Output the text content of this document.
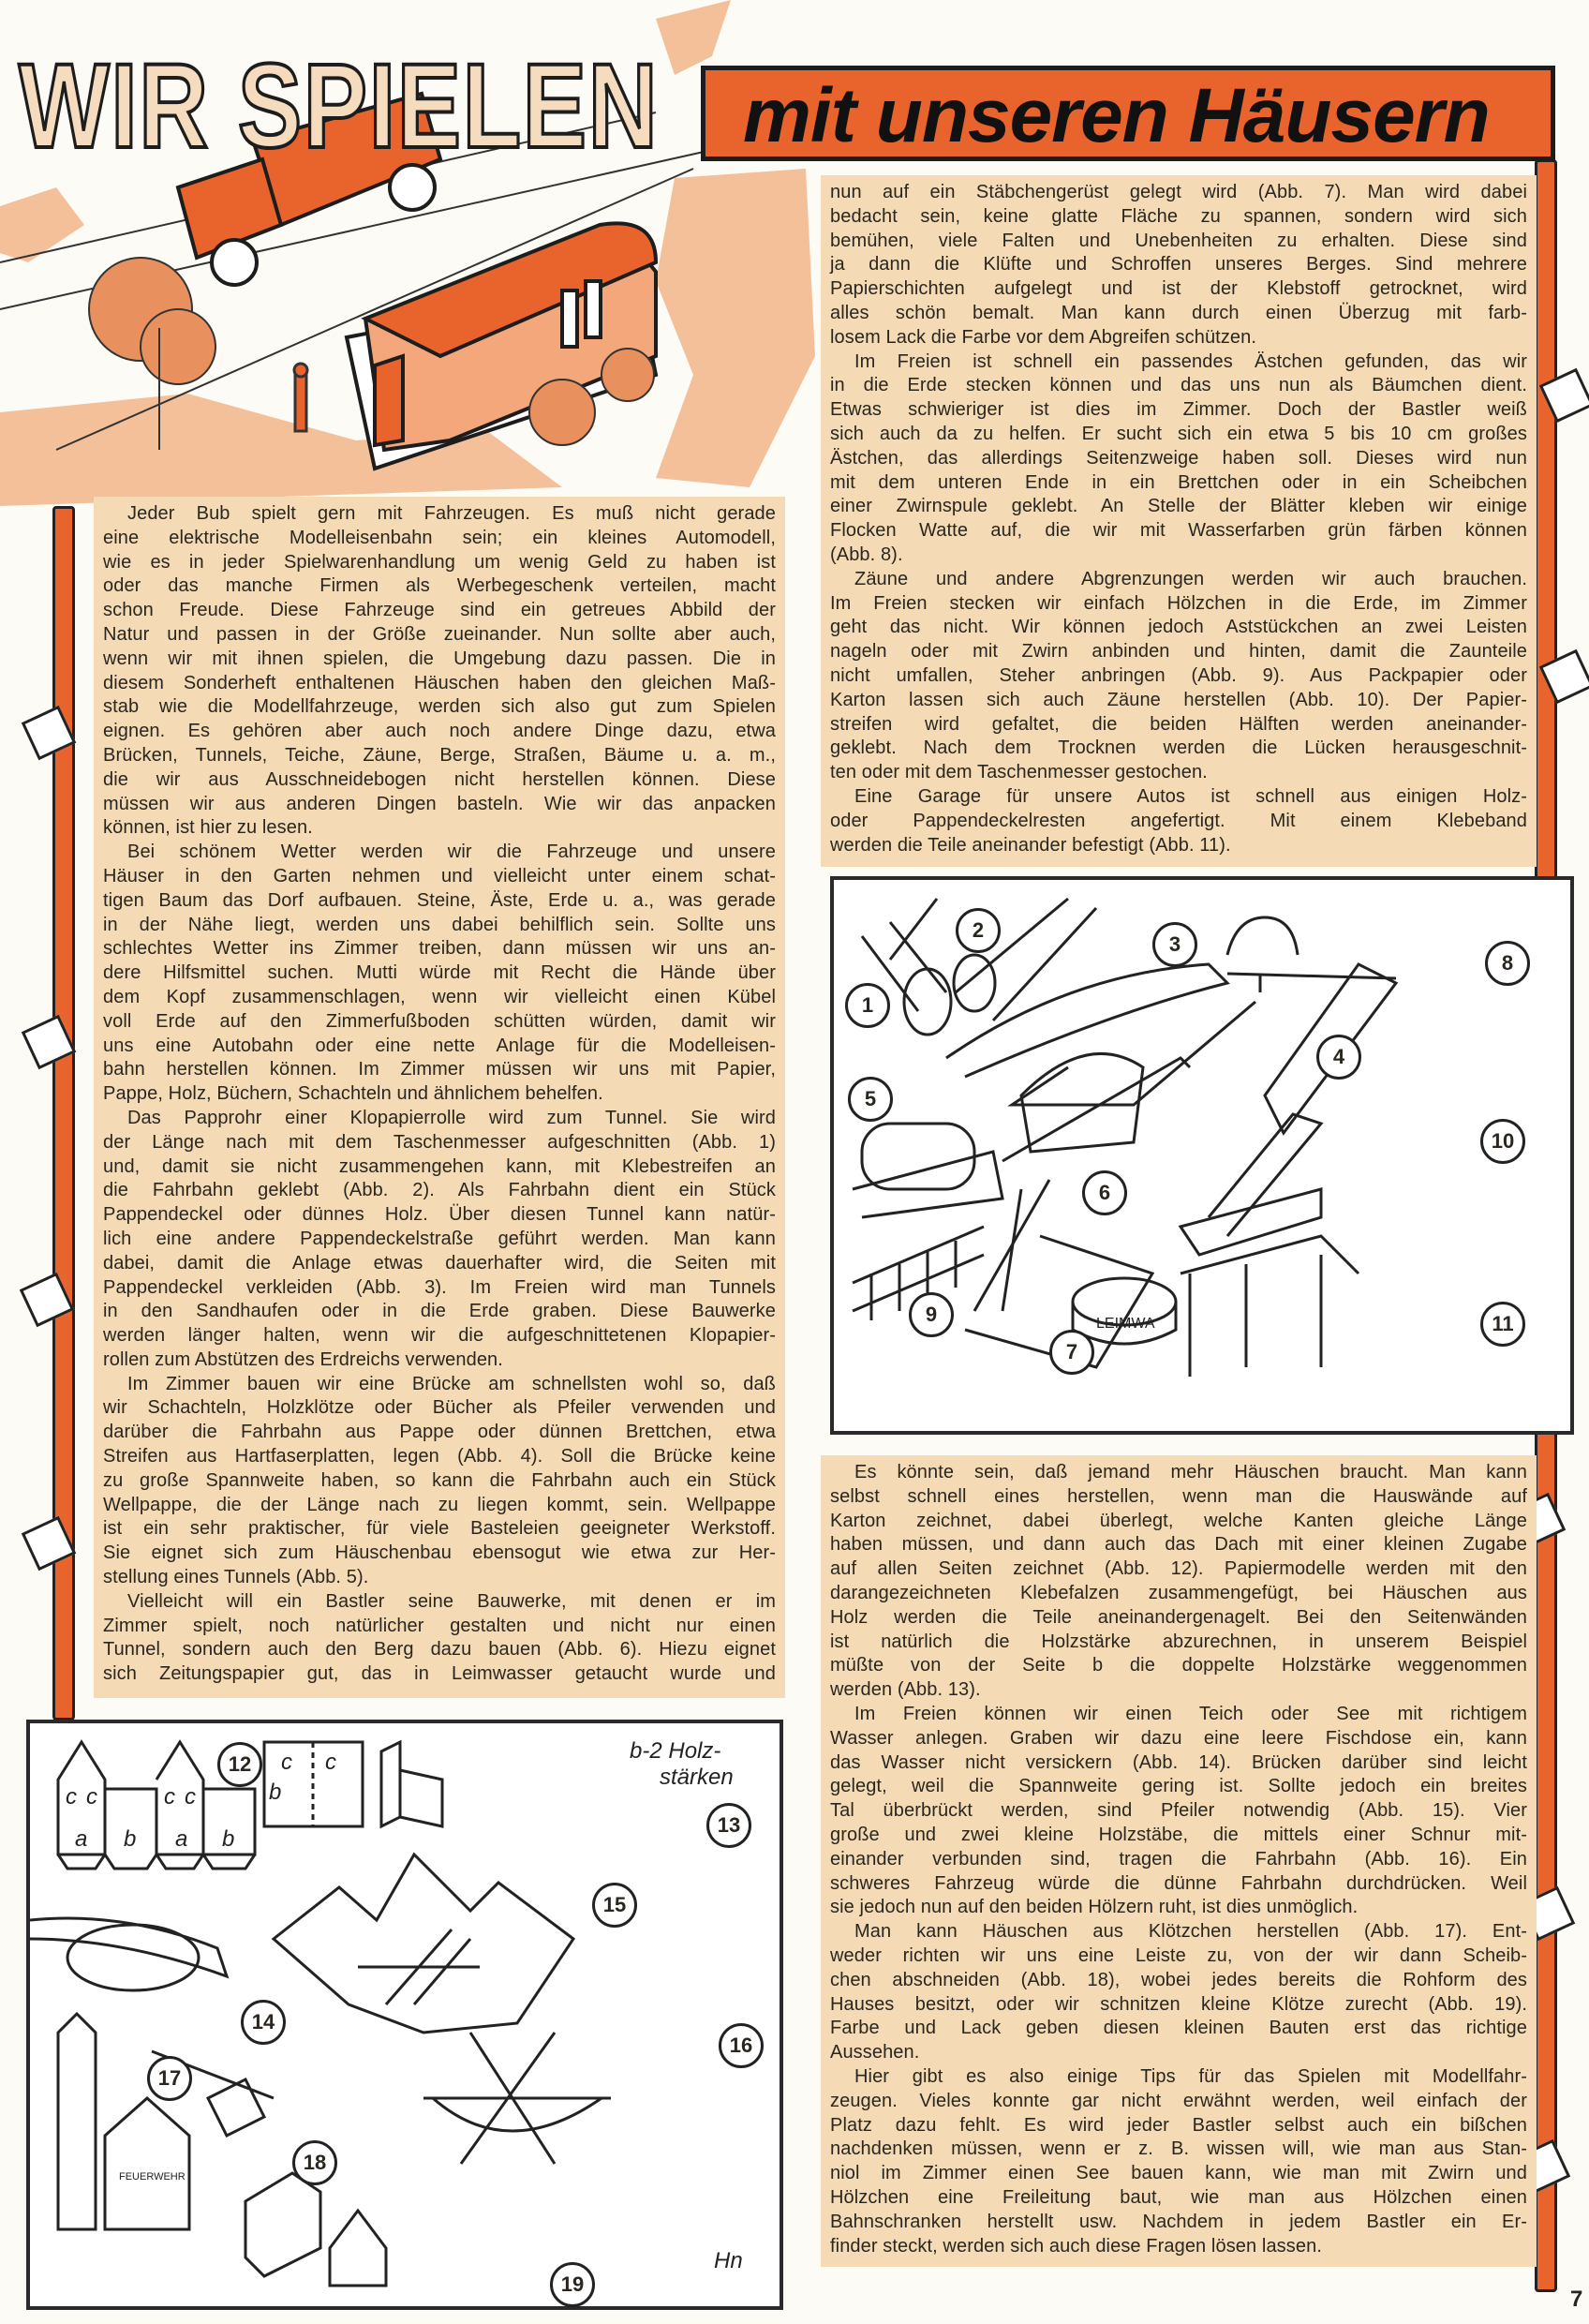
WIR SPIELEN mit unseren Häusern
Jeder Bub spielt gern mit Fahrzeugen. Es muß nicht gerade
eine elektrische Modelleisenbahn sein; ein kleines Automodell,
wie es in jeder Spielwarenhandlung um wenig Geld zu haben ist
oder das manche Firmen als Werbegeschenk verteilen, macht
schon Freude. Diese Fahrzeuge sind ein getreues Abbild der
Natur und passen in der Größe zueinander. Nun sollte aber auch,
wenn wir mit ihnen spielen, die Umgebung dazu passen. Die in
diesem Sonderheft enthaltenen Häuschen haben den gleichen Maß-
stab wie die Modellfahrzeuge, werden sich also gut zum Spielen
eignen. Es gehören aber auch noch andere Dinge dazu, etwa
Brücken, Tunnels, Teiche, Zäune, Berge, Straßen, Bäume u. a. m.,
die wir aus Ausschneidebogen nicht herstellen können. Diese
müssen wir aus anderen Dingen basteln. Wie wir das anpacken
können, ist hier zu lesen.
Bei schönem Wetter werden wir die Fahrzeuge und unsere
Häuser in den Garten nehmen und vielleicht unter einem schat-
tigen Baum das Dorf aufbauen. Steine, Äste, Erde u. a., was gerade
in der Nähe liegt, werden uns dabei behilflich sein. Sollte uns
schlechtes Wetter ins Zimmer treiben, dann müssen wir uns an-
dere Hilfsmittel suchen. Mutti würde mit Recht die Hände über
dem Kopf zusammenschlagen, wenn wir vielleicht einen Kübel
voll Erde auf den Zimmerfußboden schütten würden, damit wir
uns eine Autobahn oder eine nette Anlage für die Modelleisen-
bahn herstellen können. Im Zimmer müssen wir uns mit Papier,
Pappe, Holz, Büchern, Schachteln und ähnlichem behelfen.
Das Papprohr einer Klopapierrolle wird zum Tunnel. Sie wird
der Länge nach mit dem Taschenmesser aufgeschnitten (Abb. 1)
und, damit sie nicht zusammengehen kann, mit Klebestreifen an
die Fahrbahn geklebt (Abb. 2). Als Fahrbahn dient ein Stück
Pappendeckel oder dünnes Holz. Über diesen Tunnel kann natür-
lich eine andere Pappendeckelstraße geführt werden. Man kann
dabei, damit die Anlage etwas dauerhafter wird, die Seiten mit
Pappendeckel verkleiden (Abb. 3). Im Freien wird man Tunnels
in den Sandhaufen oder in die Erde graben. Diese Bauwerke
werden länger halten, wenn wir die aufgeschnittetenen Klopapier-
rollen zum Abstützen des Erdreichs verwenden.
Im Zimmer bauen wir eine Brücke am schnellsten wohl so, daß
wir Schachteln, Holzklötze oder Bücher als Pfeiler verwenden und
darüber die Fahrbahn aus Pappe oder dünnen Brettchen, etwa
Streifen aus Hartfaserplatten, legen (Abb. 4). Soll die Brücke keine
zu große Spannweite haben, so kann die Fahrbahn auch ein Stück
Wellpappe, die der Länge nach zu liegen kommt, sein. Wellpappe
ist ein sehr praktischer, für viele Basteleien geeigneter Werkstoff.
Sie eignet sich zum Häuschenbau ebensogut wie etwa zur Her-
stellung eines Tunnels (Abb. 5).
Vielleicht will ein Bastler seine Bauwerke, mit denen er im
Zimmer spielt, noch natürlicher gestalten und nicht nur einen
Tunnel, sondern auch den Berg dazu bauen (Abb. 6). Hiezu eignet
sich Zeitungspapier gut, das in Leimwasser getaucht wurde und
nun auf ein Stäbchengerüst gelegt wird (Abb. 7). Man wird dabei
bedacht sein, keine glatte Fläche zu spannen, sondern wird sich
bemühen, viele Falten und Unebenheiten zu erhalten. Diese sind
ja dann die Klüfte und Schroffen unseres Berges. Sind mehrere
Papierschichten aufgelegt und ist der Klebstoff getrocknet, wird
alles schön bemalt. Man kann durch einen Überzug mit farb-
losem Lack die Farbe vor dem Abgreifen schützen.
Im Freien ist schnell ein passendes Ästchen gefunden, das wir
in die Erde stecken können und das uns nun als Bäumchen dient.
Etwas schwieriger ist dies im Zimmer. Doch der Bastler weiß
sich auch da zu helfen. Er sucht sich ein etwa 5 bis 10 cm großes
Ästchen, das allerdings Seitenzweige haben soll. Dieses wird nun
mit dem unteren Ende in ein Brettchen oder in ein Scheibchen
einer Zwirnspule geklebt. An Stelle der Blätter kleben wir einige
Flocken Watte auf, die wir mit Wasserfarben grün färben können
(Abb. 8).
Zäune und andere Abgrenzungen werden wir auch brauchen.
Im Freien stecken wir einfach Hölzchen in die Erde, im Zimmer
geht das nicht. Wir können jedoch Aststückchen an zwei Leisten
nageln oder mit Zwirn anbinden und hinten, damit die Zaunteile
nicht umfallen, Steher anbringen (Abb. 9). Aus Packpapier oder
Karton lassen sich auch Zäune herstellen (Abb. 10). Der Papier-
streifen wird gefaltet, die beiden Hälften werden aneinander-
geklebt. Nach dem Trocknen werden die Lücken herausgeschnit-
ten oder mit dem Taschenmesser gestochen.
Eine Garage für unsere Autos ist schnell aus einigen Holz-
oder Pappendeckelresten angefertigt. Mit einem Klebeband
werden die Teile aneinander befestigt (Abb. 11).
Es könnte sein, daß jemand mehr Häuschen braucht. Man kann
selbst schnell eines herstellen, wenn man die Hauswände auf
Karton zeichnet, dabei überlegt, welche Kanten gleiche Länge
haben müssen, und dann auch das Dach mit einer kleinen Zugabe
auf allen Seiten zeichnet (Abb. 12). Papiermodelle werden mit den
darangezeichneten Klebefalzen zusammengefügt, bei Häuschen aus
Holz werden die Teile aneinandergenagelt. Bei den Seitenwänden
ist natürlich die Holzstärke abzurechnen, in unserem Beispiel
müßte von der Seite b die doppelte Holzstärke weggenommen
werden (Abb. 13).
Im Freien können wir einen Teich oder See mit richtigem
Wasser anlegen. Graben wir dazu eine leere Fischdose ein, kann
das Wasser nicht versickern (Abb. 14). Brücken darüber sind leicht
gelegt, weil die Spannweite gering ist. Sollte jedoch ein breites
Tal überbrückt werden, sind Pfeiler notwendig (Abb. 15). Vier
große und zwei kleine Holzstäbe, die mittels einer Schnur mit-
einander verbunden sind, tragen die Fahrbahn (Abb. 16). Ein
schweres Fahrzeug würde die dünne Fahrbahn durchdrücken. Weil
sie jedoch nun auf den beiden Hölzern ruht, ist dies unmöglich.
Man kann Häuschen aus Klötzchen herstellen (Abb. 17). Ent-
weder richten wir uns eine Leiste zu, von der wir dann Scheib-
chen abschneiden (Abb. 18), wobei jedes bereits die Rohform des
Hauses besitzt, oder wir schnitzen kleine Klötze zurecht (Abb. 19).
Farbe und Lack geben diesen kleinen Bauten erst das richtige
Aussehen.
Hier gibt es also einige Tips für das Spielen mit Modellfahr-
zeugen. Vieles konnte gar nicht erwähnt werden, weil einfach der
Platz dazu fehlt. Es wird jeder Bastler selbst auch ein bißchen
nachdenken müssen, wenn er z. B. wissen will, wie man aus Stan-
niol im Zimmer einen See bauen kann, wie man mit Zwirn und
Hölzchen eine Freileitung baut, wie man aus Hölzchen einen
Bahnschranken herstellt usw. Nachdem in jedem Bastler ein Er-
finder steckt, werden sich auch diese Fragen lösen lassen.
1
2
3
4
5
6
7
8
9
10
11
LEIMWA
12
13
14
15
16
17
18
19
c c	c c
a b a b
c c
b
b-2 Holz-
stärken
FEUERWEHR
Hn
7
